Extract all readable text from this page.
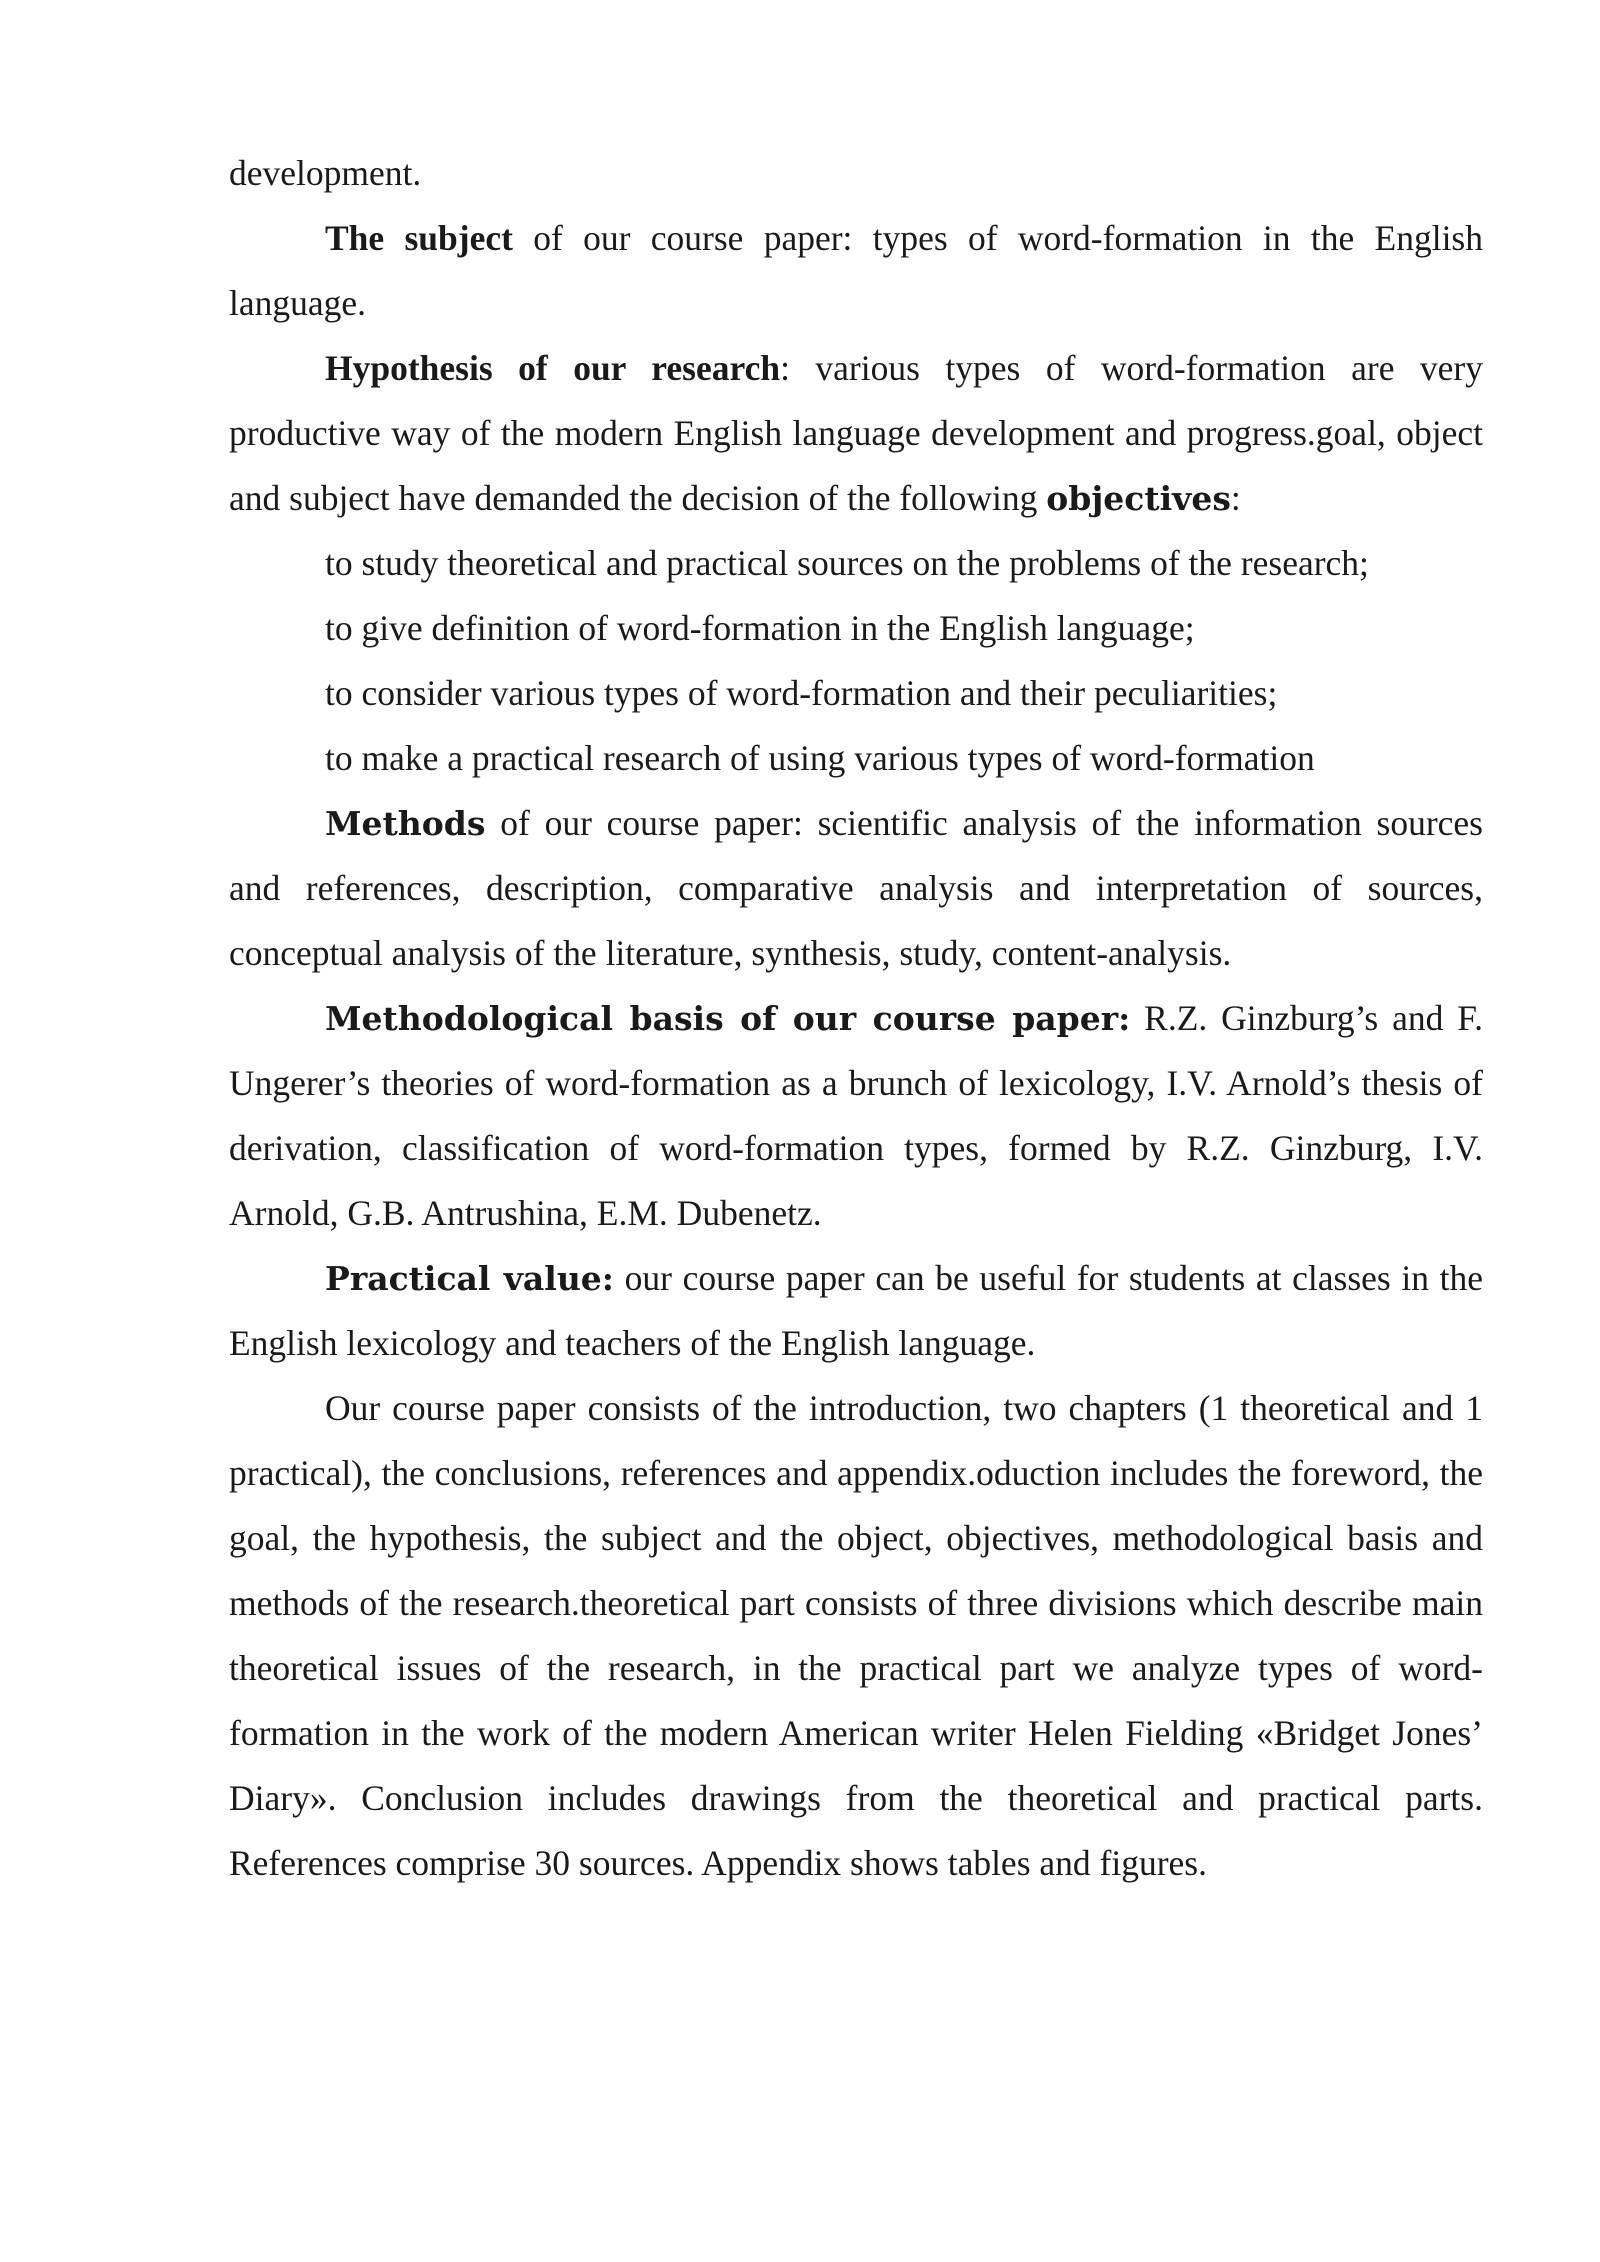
development.

The subject of our course paper: types of word-formation in the English language.

Hypothesis of our research: various types of word-formation are very productive way of the modern English language development and progress.goal, object and subject have demanded the decision of the following objectives:

to study theoretical and practical sources on the problems of the research;

to give definition of word-formation in the English language;

to consider various types of word-formation and their peculiarities;

to make a practical research of using various types of word-formation

Methods of our course paper: scientific analysis of the information sources and references, description, comparative analysis and interpretation of sources, conceptual analysis of the literature, synthesis, study, content-analysis.

Methodological basis of our course paper: R.Z. Ginzburg’s and F. Ungerer’s theories of word-formation as a brunch of lexicology, I.V. Arnold’s thesis of derivation, classification of word-formation types, formed by R.Z. Ginzburg, I.V. Arnold, G.B. Antrushina, E.M. Dubenetz.

Practical value: our course paper can be useful for students at classes in the English lexicology and teachers of the English language.

Our course paper consists of the introduction, two chapters (1 theoretical and 1 practical), the conclusions, references and appendix.oduction includes the foreword, the goal, the hypothesis, the subject and the object, objectives, methodological basis and methods of the research.theoretical part consists of three divisions which describe main theoretical issues of the research, in the practical part we analyze types of word-formation in the work of the modern American writer Helen Fielding «Bridget Jones’ Diary». Conclusion includes drawings from the theoretical and practical parts. References comprise 30 sources. Appendix shows tables and figures.
